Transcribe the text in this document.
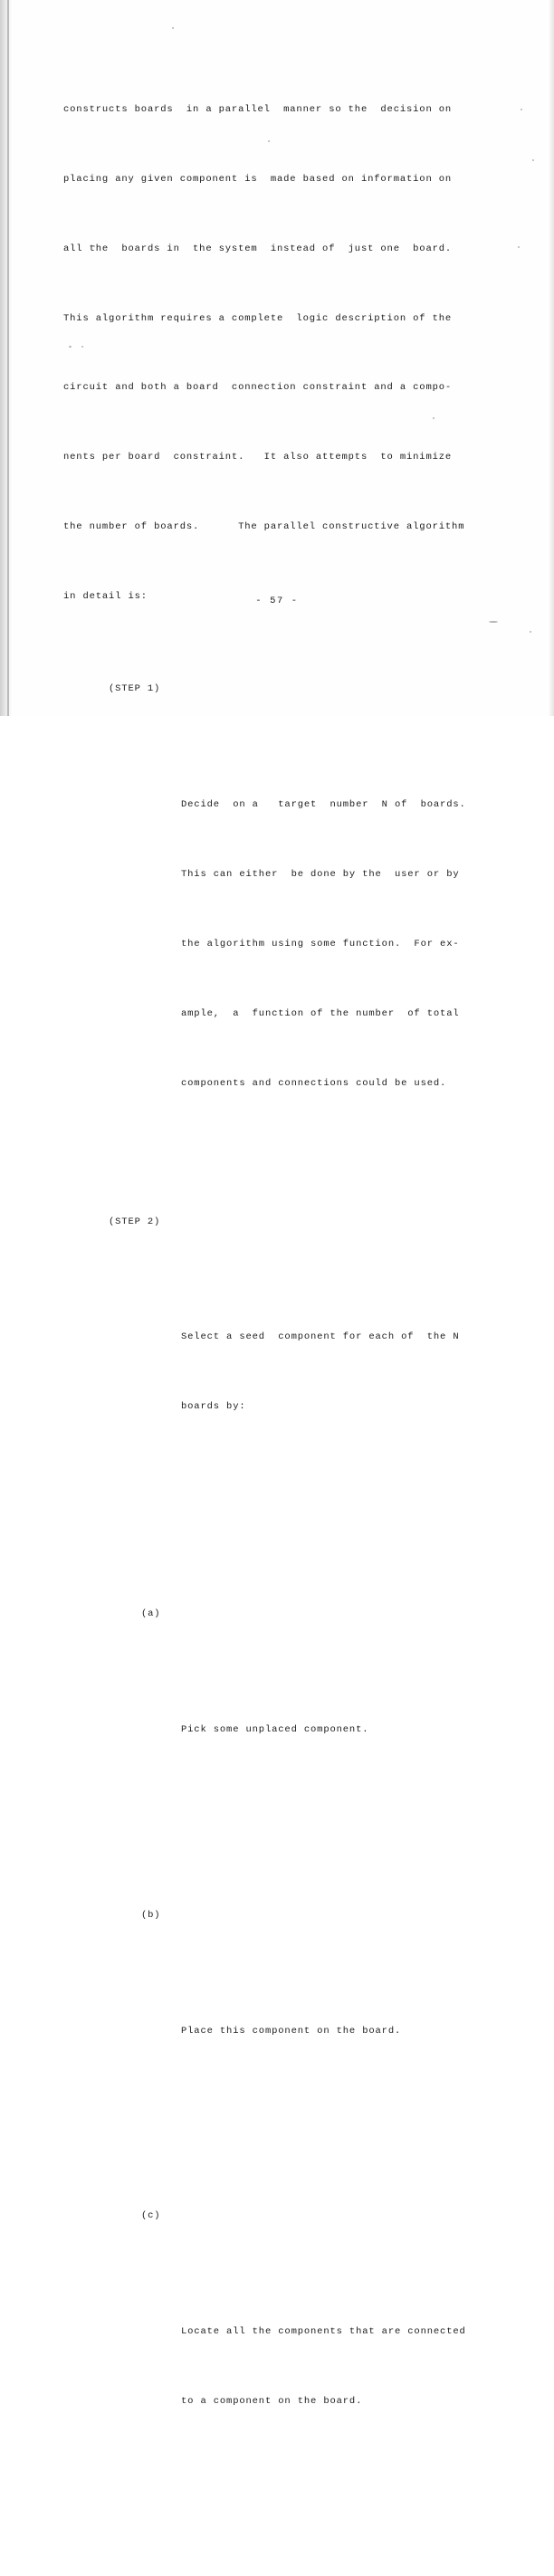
constructs boards  in a parallel  manner so the  decision on

placing any given component is  made based on information on

all the  boards in  the system  instead of  just one  board.

This algorithm requires a complete  logic description of the

circuit and both a board  connection constraint and a compo-

nents per board  constraint.   It also attempts  to minimize

the number of boards.      The parallel constructive algorithm

in detail is:

(STEP 1)

Decide  on a   target  number  N of  boards.

This can either  be done by the  user or by

the algorithm using some function.  For ex-

ample,  a  function of the number  of total

components and connections could be used.

(STEP 2)

Select a seed  component for each of  the N

boards by:

(a)

Pick some unplaced component.

(b)

Place this component on the board.

(c)

Locate all the components that are connected

to a component on the board.

- 57 -
